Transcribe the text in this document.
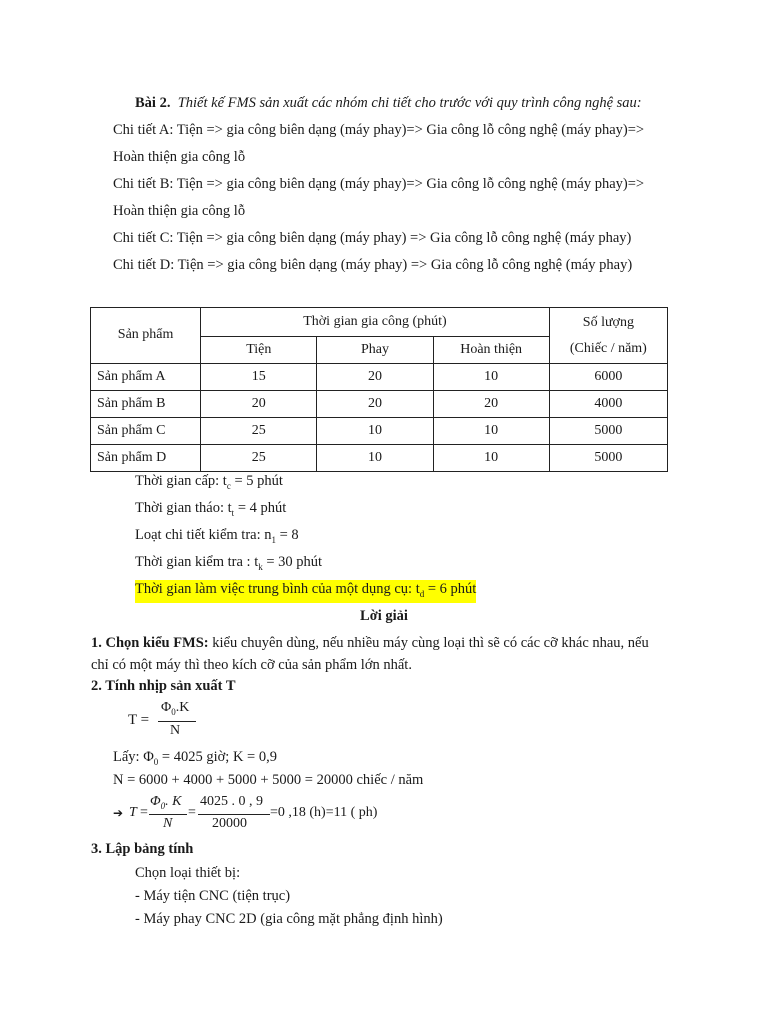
Bài 2. Thiết kế FMS sản xuất các nhóm chi tiết cho trước với quy trình công nghệ sau:
Chi tiết A: Tiện => gia công biên dạng (máy phay)=> Gia công lỗ công nghệ (máy phay)=>
Hoàn thiện gia công lỗ
Chi tiết B: Tiện => gia công biên dạng (máy phay)=> Gia công lỗ công nghệ (máy phay)=>
Hoàn thiện gia công lỗ
Chi tiết C: Tiện => gia công biên dạng (máy phay) => Gia công lỗ công nghệ (máy phay)
Chi tiết D: Tiện => gia công biên dạng (máy phay) => Gia công lỗ công nghệ (máy phay)
Sản phẩm	Thời gian gia công (phút)			Số lượng
	Tiện	Phay	Hoàn thiện	(Chiếc / năm)
Sản phẩm A	15	20	10	6000
Sản phẩm B	20	20	20	4000
Sản phẩm C	25	10	10	5000
Sản phẩm D	25	10	10	5000
Thời gian cấp: $t_c = 5$ phút
Thời gian tháo: $t_t = 4$ phút
Loạt chi tiết kiểm tra: $n_1 = 8$
Thời gian kiểm tra : $t_k = 30$ phút
Thời gian làm việc trung bình của một dụng cụ: $t_d = 6$ phút
Lời giải
1. Chọn kiểu FMS: kiểu chuyên dùng, nếu nhiều máy cùng loại thì sẽ có các cỡ khác nhau, nếu
chỉ có một máy thì theo kích cỡ của sản phẩm lớn nhất.
2. Tính nhịp sản xuất T
T =
$\Phi_0.K$
N
Lấy: $\Phi_0 = 4025$ giờ; K = 0,9
N = 6000 + 4000 + 5000 + 5000 = 20000 chiếc / năm
➔ T =
$\Phi_0$. K
N
=
4025 . 0 , 9
20000
=0 ,18 (h)=11 ( ph)
3. Lập bảng tính
Chọn loại thiết bị:
- Máy tiện CNC (tiện trục)
- Máy phay CNC 2D (gia công mặt phẳng định hình)
